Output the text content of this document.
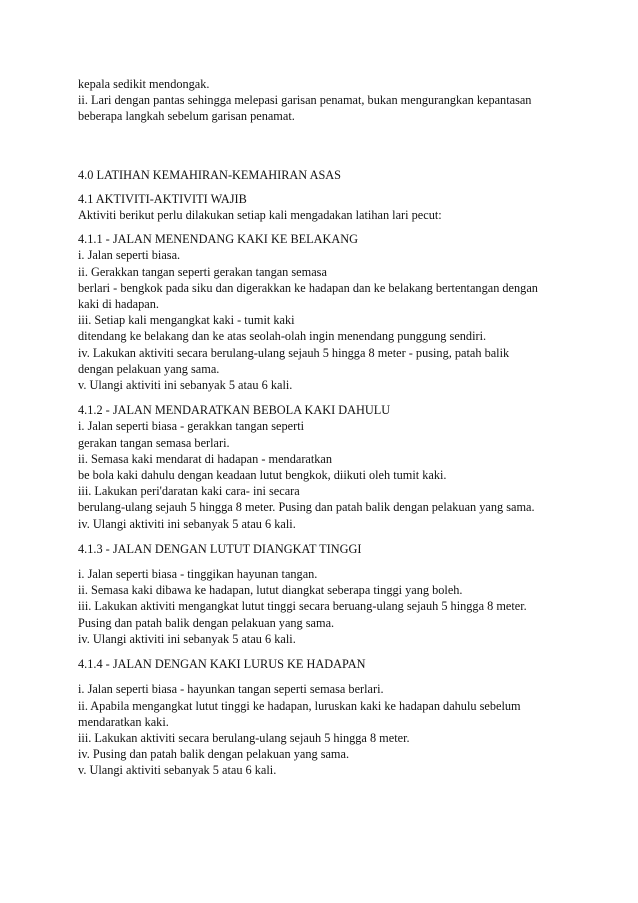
kepala sedikit mendongak.
ii. Lari dengan pantas sehingga melepasi garisan penamat, bukan mengurangkan kepantasan
beberapa langkah sebelum garisan penamat.
4.0 LATIHAN KEMAHIRAN-KEMAHIRAN ASAS
4.1 AKTIVITI-AKTIVITI WAJIB
Aktiviti berikut perlu dilakukan setiap kali mengadakan latihan lari pecut:
4.1.1 - JALAN MENENDANG KAKI KE BELAKANG
i. Jalan seperti biasa.
ii. Gerakkan tangan seperti gerakan tangan semasa
berlari - bengkok pada siku dan digerakkan ke hadapan dan ke belakang bertentangan dengan
kaki di hadapan.
iii. Setiap kali mengangkat kaki - tumit kaki
ditendang ke belakang dan ke atas seolah-olah ingin menendang punggung sendiri.
iv. Lakukan aktiviti secara berulang-ulang sejauh 5 hingga 8 meter - pusing, patah balik
dengan pelakuan yang sama.
v. Ulangi aktiviti ini sebanyak 5 atau 6 kali.
4.1.2 - JALAN MENDARATKAN BEBOLA KAKI DAHULU
i. Jalan seperti biasa - gerakkan tangan seperti
gerakan tangan semasa berlari.
ii. Semasa kaki mendarat di hadapan - mendaratkan
be bola kaki dahulu dengan keadaan lutut bengkok, diikuti oleh tumit kaki.
iii. Lakukan peri'daratan kaki cara- ini secara
berulang-ulang sejauh 5 hingga 8 meter. Pusing dan patah balik dengan pelakuan yang sama.
iv. Ulangi aktiviti ini sebanyak 5 atau 6 kali.
4.1.3 - JALAN DENGAN LUTUT DIANGKAT TINGGI
i. Jalan seperti biasa - tinggikan hayunan tangan.
ii. Semasa kaki dibawa ke hadapan, lutut diangkat seberapa tinggi yang boleh.
iii. Lakukan aktiviti mengangkat lutut tinggi secara beruang-ulang sejauh 5 hingga 8 meter.
Pusing dan patah balik dengan pelakuan yang sama.
iv. Ulangi aktiviti ini sebanyak 5 atau 6 kali.
4.1.4 - JALAN DENGAN KAKI LURUS KE HADAPAN
i. Jalan seperti biasa - hayunkan tangan seperti semasa berlari.
ii. Apabila mengangkat lutut tinggi ke hadapan, luruskan kaki ke hadapan dahulu sebelum
mendaratkan kaki.
iii. Lakukan aktiviti secara berulang-ulang sejauh 5 hingga 8 meter.
iv. Pusing dan patah balik dengan pelakuan yang sama.
v. Ulangi aktiviti sebanyak 5 atau 6 kali.
